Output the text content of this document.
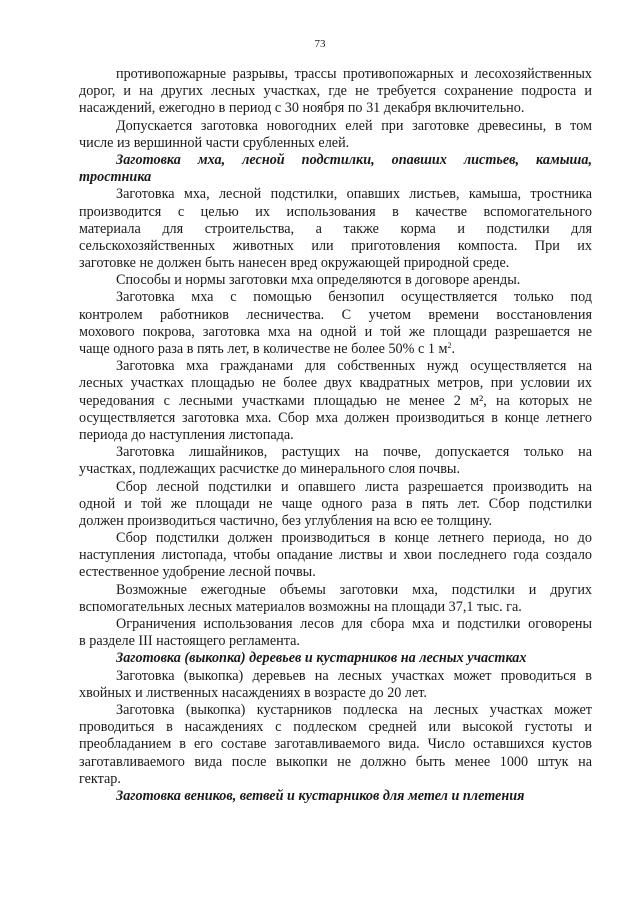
73
противопожарные разрывы, трассы противопожарных и лесохозяйственных
дорог, и на других лесных участках, где не требуется сохранение подроста и
насаждений, ежегодно в период с 30 ноября по 31 декабря включительно.
Допускается заготовка новогодних елей при заготовке древесины, в том
числе из вершинной части срубленных елей.
Заготовка мха, лесной подстилки, опавших листьев, камыша,
тростника
Заготовка мха, лесной подстилки, опавших листьев, камыша, тростника
производится с целью их использования в качестве вспомогательного
материала для строительства, а также корма и подстилки для
сельскохозяйственных животных или приготовления компоста. При их
заготовке не должен быть нанесен вред окружающей природной среде.
Способы и нормы заготовки мха определяются в договоре аренды.
Заготовка мха с помощью бензопил осуществляется только под
контролем работников лесничества. С учетом времени восстановления
мохового покрова, заготовка мха на одной и той же площади разрешается не
чаще одного раза в пять лет, в количестве не более 50% с 1 $м^2$.
Заготовка мха гражданами для собственных нужд осуществляется на
лесных участках площадью не более двух квадратных метров, при условии их
чередования с лесными участками площадью не менее 2 м², на которых не
осуществляется заготовка мха. Сбор мха должен производиться в конце летнего
периода до наступления листопада.
Заготовка лишайников, растущих на почве, допускается только на
участках, подлежащих расчистке до минерального слоя почвы.
Сбор лесной подстилки и опавшего листа разрешается производить на
одной и той же площади не чаще одного раза в пять лет. Сбор подстилки
должен производиться частично, без углубления на всю ее толщину.
Сбор подстилки должен производиться в конце летнего периода, но до
наступления листопада, чтобы опадание листвы и хвои последнего года создало
естественное удобрение лесной почвы.
Возможные ежегодные объемы заготовки мха, подстилки и других
вспомогательных лесных материалов возможны на площади 37,1 тыс. га.
Ограничения использования лесов для сбора мха и подстилки оговорены
в разделе III настоящего регламента.
Заготовка (выкопка) деревьев и кустарников на лесных участках
Заготовка (выкопка) деревьев на лесных участках может проводиться в
хвойных и лиственных насаждениях в возрасте до 20 лет.
Заготовка (выкопка) кустарников подлеска на лесных участках может
проводиться в насаждениях с подлеском средней или высокой густоты и
преобладанием в его составе заготавливаемого вида. Число оставшихся кустов
заготавливаемого вида после выкопки не должно быть менее 1000 штук на
гектар.
Заготовка веников, ветвей и кустарников для метел и плетения
